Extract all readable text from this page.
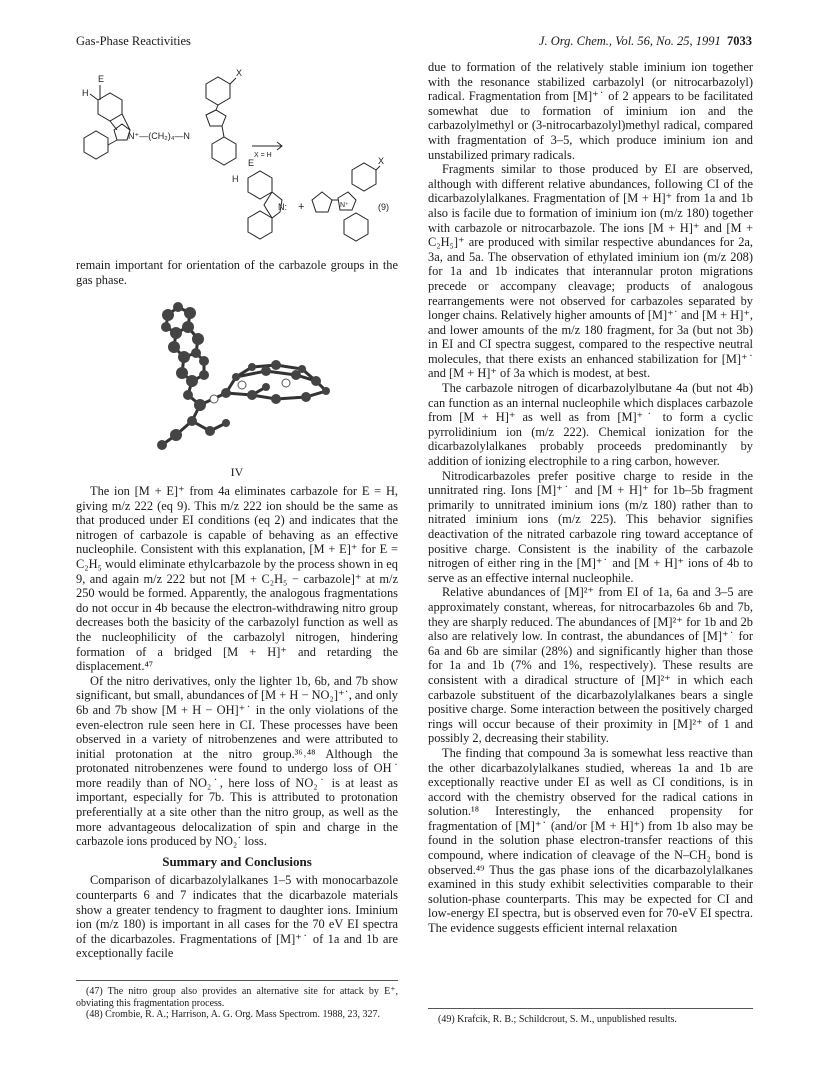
Gas-Phase Reactivities	J. Org. Chem., Vol. 56, No. 25, 1991 7033
E
H
N⁺—(CH₂)₄—N
X
X = H
E
H
N: +	N⁺
X
(9)

remain important for orientation of the carbazole groups in the gas phase.

IV

The ion [M + E]⁺ from 4a eliminates carbazole for E = H, giving m/z 222 (eq 9). This m/z 222 ion should be the same as that produced under EI conditions (eq 2) and indicates that the nitrogen of carbazole is capable of behaving as an effective nucleophile. Consistent with this explanation, [M + E]⁺ for E = C₂H₅ would eliminate ethylcarbazole by the process shown in eq 9, and again m/z 222 but not [M + C₂H₅ − carbazole]⁺ at m/z 250 would be formed. Apparently, the analogous fragmentations do not occur in 4b because the electron-withdrawing nitro group decreases both the basicity of the carbazolyl function as well as the nucleophilicity of the carbazolyl nitrogen, hindering formation of a bridged [M + H]⁺ and retarding the displacement.⁴⁷

Of the nitro derivatives, only the lighter 1b, 6b, and 7b show significant, but small, abundances of [M + H − NO₂]⁺˙, and only 6b and 7b show [M + H − OH]⁺˙ in the only violations of the even-electron rule seen here in CI. These processes have been observed in a variety of nitrobenzenes and were attributed to initial protonation at the nitro group.³⁶˒⁴⁸ Although the protonated nitrobenzenes were found to undergo loss of OH˙ more readily than of NO₂˙, here loss of NO₂˙ is at least as important, especially for 7b. This is attributed to protonation preferentially at a site other than the nitro group, as well as the more advantageous delocalization of spin and charge in the carbazole ions produced by NO₂˙ loss.

Summary and Conclusions

Comparison of dicarbazolylalkanes 1–5 with monocarbazole counterparts 6 and 7 indicates that the dicarbazole materials show a greater tendency to fragment to daughter ions. Iminium ion (m/z 180) is important in all cases for the 70 eV EI spectra of the dicarbazoles. Fragmentations of [M]⁺˙ of 1a and 1b are exceptionally facile

(47) The nitro group also provides an alternative site for attack by E⁺, obviating this fragmentation process.

(48) Crombie, R. A.; Harrison, A. G. Org. Mass Spectrom. 1988, 23, 327.

due to formation of the relatively stable iminium ion together with the resonance stabilized carbazolyl (or nitrocarbazolyl) radical. Fragmentation from [M]⁺˙ of 2 appears to be facilitated somewhat due to formation of iminium ion and the carbazolylmethyl or (3-nitrocarbazolyl)methyl radical, compared with fragmentation of 3–5, which produce iminium ion and unstabilized primary radicals.

Fragments similar to those produced by EI are observed, although with different relative abundances, following CI of the dicarbazolylalkanes. Fragmentation of [M + H]⁺ from 1a and 1b also is facile due to formation of iminium ion (m/z 180) together with carbazole or nitrocarbazole. The ions [M + H]⁺ and [M + C₂H₅]⁺ are produced with similar respective abundances for 2a, 3a, and 5a. The observation of ethylated iminium ion (m/z 208) for 1a and 1b indicates that interannular proton migrations precede or accompany cleavage; products of analogous rearrangements were not observed for carbazoles separated by longer chains. Relatively higher amounts of [M]⁺˙ and [M + H]⁺, and lower amounts of the m/z 180 fragment, for 3a (but not 3b) in EI and CI spectra suggest, compared to the respective neutral molecules, that there exists an enhanced stabilization for [M]⁺˙ and [M + H]⁺ of 3a which is modest, at best.

The carbazole nitrogen of dicarbazolylbutane 4a (but not 4b) can function as an internal nucleophile which displaces carbazole from [M + H]⁺ as well as from [M]⁺˙ to form a cyclic pyrrolidinium ion (m/z 222). Chemical ionization for the dicarbazolylalkanes probably proceeds predominantly by addition of ionizing electrophile to a ring carbon, however.

Nitrodicarbazoles prefer positive charge to reside in the unnitrated ring. Ions [M]⁺˙ and [M + H]⁺ for 1b–5b fragment primarily to unnitrated iminium ions (m/z 180) rather than to nitrated iminium ions (m/z 225). This behavior signifies deactivation of the nitrated carbazole ring toward acceptance of positive charge. Consistent is the inability of the carbazole nitrogen of either ring in the [M]⁺˙ and [M + H]⁺ ions of 4b to serve as an effective internal nucleophile.

Relative abundances of [M]²⁺ from EI of 1a, 6a and 3–5 are approximately constant, whereas, for nitrocarbazoles 6b and 7b, they are sharply reduced. The abundances of [M]²⁺ for 1b and 2b also are relatively low. In contrast, the abundances of [M]⁺˙ for 6a and 6b are similar (28%) and significantly higher than those for 1a and 1b (7% and 1%, respectively). These results are consistent with a diradical structure of [M]²⁺ in which each carbazole substituent of the dicarbazolylalkanes bears a single positive charge. Some interaction between the positively charged rings will occur because of their proximity in [M]²⁺ of 1 and possibly 2, decreasing their stability.

The finding that compound 3a is somewhat less reactive than the other dicarbazolylalkanes studied, whereas 1a and 1b are exceptionally reactive under EI as well as CI conditions, is in accord with the chemistry observed for the radical cations in solution.¹⁸ Interestingly, the enhanced propensity for fragmentation of [M]⁺˙ (and/or [M + H]⁺) from 1b also may be found in the solution phase electron-transfer reactions of this compound, where indication of cleavage of the N–CH₂ bond is observed.⁴⁹ Thus the gas phase ions of the dicarbazolylalkanes examined in this study exhibit selectivities comparable to their solution-phase counterparts. This may be expected for CI and low-energy EI spectra, but is observed even for 70-eV EI spectra. The evidence suggests efficient internal relaxation

(49) Krafcik, R. B.; Schildcrout, S. M., unpublished results.
